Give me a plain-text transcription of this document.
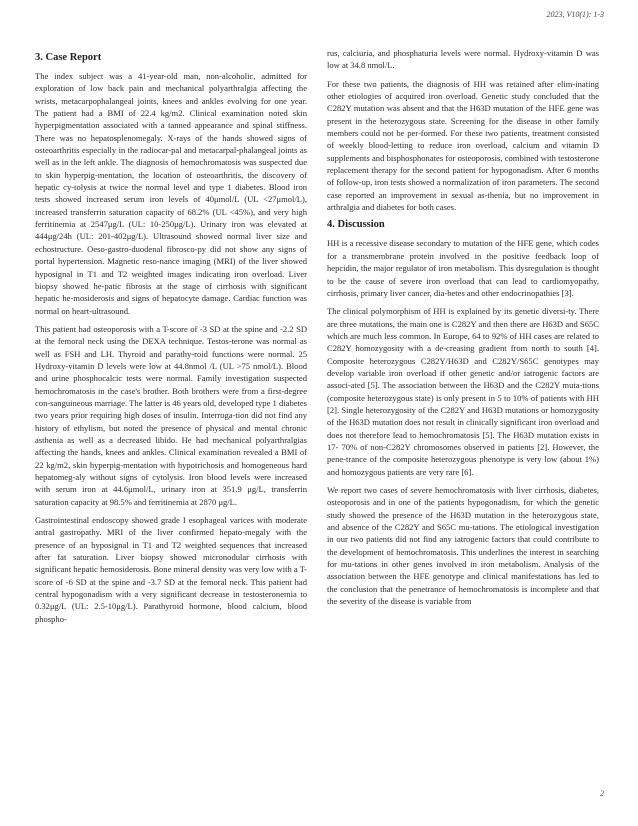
2023, V10(1): 1-3
3. Case Report

The index subject was a 41-year-old man, non-alcoholic, admitted for exploration of low back pain and mechanical polyarthralgia affecting the wrists, metacarpophalangeal joints, knees and ankles evolving for one year. The patient had a BMI of 22.4 kg/m2. Clinical examination noted skin hyperpigmentation associated with a tanned appearance and spinal stiffness. There was no hepatosplenomegaly. X-rays of the hands showed signs of osteoarthritis especially in the radiocar-pal and metacarpal-phalangeal joints as well as in the left ankle. The diagnosis of hemochromatosis was suspected due to skin hyperpig-mentation, the location of osteoarthritis, the discovery of hepatic cy-tolysis at twice the normal level and type 1 diabetes. Blood iron tests showed increased serum iron levels of 40μmol/L (UL <27μmol/L), increased transferrin saturation capacity of 68.2% (UL <45%), and very high ferritinemia at 2547μg/L (UL: 10-250μg/L). Urinary iron was elevated at 444μg/24h (UL: 201-402μg/L). Ultrasound showed normal liver size and echostructure. Oeso-gastro-duodenal fibrosco-py did not show any signs of portal hypertension. Magnetic reso-nance imaging (MRI) of the liver showed hyposignal in T1 and T2 weighted images indicating iron overload. Liver biopsy showed he-patic fibrosis at the stage of cirrhosis with significant hepatic he-mosiderosis and signs of hepatocyte damage. Cardiac function was normal on heart-ultrasound.

This patient had osteoporosis with a T-score of -3 SD at the spine and -2.2 SD at the femoral neck using the DEXA technique. Testos-terone was normal as well as FSH and LH. Thyroid and parathy-roid functions were normal. 25 Hydroxy-vitamin D levels were low at 44.8nmol /L (UL >75 nmol/L). Blood and urine phosphocalcic tests were normal. Family investigation suspected hemochromatosis in the case's brother. Both brothers were from a first-degree con-sanguineous marriage. The latter is 46 years old, developed type 1 diabetes two years prior requiring high doses of insulin. Interroga-tion did not find any history of ethylism, but noted the presence of physical and mental chronic asthenia as well as a decreased libido. He had mechanical polyarthralgias affecting the hands, knees and ankles. Clinical examination revealed a BMI of 22 kg/m2, skin hyperpig-mentation with hypotrichosis and homogeneous hard hepatomeg-aly without signs of cytolysis. Iron blood levels were increased with serum iron at 44.6μmol/L, urinary iron at 351.9 μg/L, transferrin saturation capacity at 98.5% and ferritinemia at 2870 μg/L.

Gastrointestinal endoscopy showed grade I esophageal varices with moderate antral gastropathy. MRI of the liver confirmed hepato-megaly with the presence of an hyposignal in T1 and T2 weighted sequences that increased after fat saturation. Liver biopsy showed micronodular cirrhosis with significant hepatic hemosiderosis. Bone mineral density was very low with a T-score of -6 SD at the spine and -3.7 SD at the femoral neck. This patient had central hypogonadism with a very significant decrease in testosteronemia to 0.32μg/L (UL: 2.5-10μg/L). Parathyroid hormone, blood calcium, blood phospho-

rus, calciuria, and phosphaturia levels were normal. Hydroxy-vitamin D was low at 34.8 nmol/L.

For these two patients, the diagnosis of HH was retained after elim-inating other etiologies of acquired iron overload. Genetic study concluded that the C282Y mutation was absent and that the H63D mutation of the HFE gene was present in the heterozygous state. Screening for the disease in other family members could not be per-formed. For these two patients, treatment consisted of weekly blood-letting to reduce iron overload, calcium and vitamin D supplements and bisphosphonates for osteoporosis, combined with testosterone replacement therapy for the second patient for hypogonadism. After 6 months of follow-up, iron tests showed a normalization of iron parameters. The second case reported an improvement in sexual as-thenia, but no improvement in arthralgia and diabetes for both cases.

4. Discussion

HH is a recessive disease secondary to mutation of the HFE gene, which codes for a transmembrane protein involved in the positive feedback loop of hepcidin, the major regulator of iron metabolism. This dysregulation is thought to be the cause of severe iron overload that can lead to cardiomyopathy, cirrhosis, primary liver cancer, dia-betes and other endocrinopathies [3].

The clinical polymorphism of HH is explained by its genetic diversi-ty. There are three mutations, the main one is C282Y and then there are H63D and S65C which are much less common. In Europe, 64 to 92% of HH cases are related to C282Y homozygosity with a de-creasing gradient from north to south [4]. Composite heterozygous C282Y/H63D and C282Y/S65C genotypes may develop variable iron overload if other genetic and/or iatrogenic factors are associ-ated [5]. The association between the H63D and the C282Y muta-tions (composite heterozygous state) is only present in 5 to 10% of patients with HH [2]. Single heterozygosity of the C282Y and H63D mutations or homozygosity of the H63D mutation does not result in clinically significant iron overload and does not therefore lead to hemochromatosis [5]. The H63D mutation exists in 17- 70% of non-C282Y chromosomes observed in patients [2]. However, the pene-trance of the composite heterozygous phenotype is very low (about 1%) and homozygous patients are very rare [6].

We report two cases of severe hemochromatosis with liver cirrhosis, diabetes, osteoporosis and in one of the patients hypogonadism, for which the genetic study showed the presence of the H63D mutation in the heterozygous state, and absence of the C282Y and S65C mu-tations. The etiological investigation in our two patients did not find any iatrogenic factors that could contribute to the development of hemochromatosis. This underlines the interest in searching for mu-tations in other genes involved in iron metabolism. Analysis of the association between the HFE genotype and clinical manifestations has led to the conclusion that the penetrance of hemochromatosis is incomplete and that the severity of the disease is variable from

2
